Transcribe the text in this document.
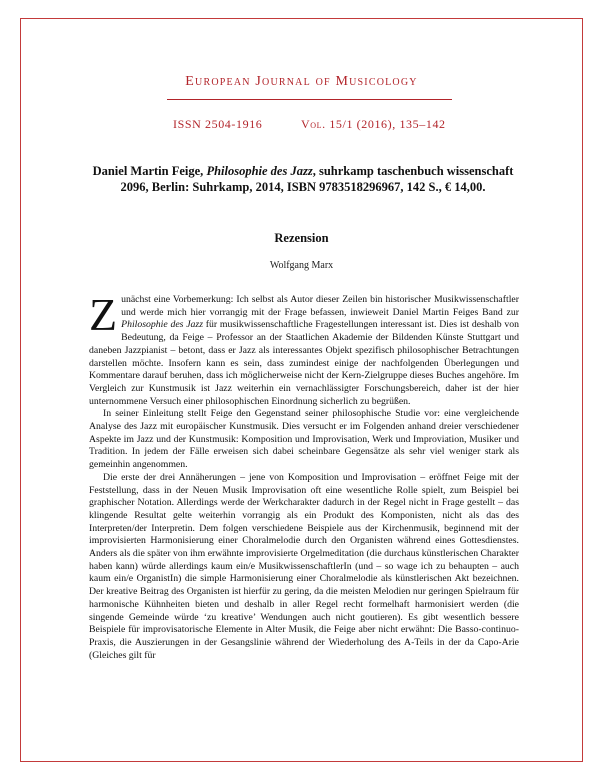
European Journal of Musicology
ISSN 2504-1916	Vol. 15/1 (2016), 135–142
Daniel Martin Feige, Philosophie des Jazz, suhrkamp taschenbuch wissenschaft 2096, Berlin: Suhrkamp, 2014, ISBN 9783518296967, 142 S., € 14,00.
Rezension
Wolfgang Marx

Zunächst eine Vorbemerkung: Ich selbst als Autor dieser Zeilen bin historischer Musikwissenschaftler und werde mich hier vorrangig mit der Frage befassen, inwieweit Daniel Martin Feiges Band zur Philosophie des Jazz für musikwissenschaftliche Fragestellungen interessant ist. Dies ist deshalb von Bedeutung, da Feige – Professor an der Staatlichen Akademie der Bildenden Künste Stuttgart und daneben Jazzpianist – betont, dass er Jazz als interessantes Objekt spezifisch philosophischer Betrachtungen darstellen möchte. Insofern kann es sein, dass zumindest einige der nachfolgenden Überlegungen und Kommentare darauf beruhen, dass ich möglicherweise nicht der Kern-Zielgruppe dieses Buches angehöre. Im Vergleich zur Kunstmusik ist Jazz weiterhin ein vernachlässigter Forschungsbereich, daher ist der hier unternommene Versuch einer philosophischen Einordnung sicherlich zu begrüßen.

In seiner Einleitung stellt Feige den Gegenstand seiner philosophische Studie vor: eine vergleichende Analyse des Jazz mit europäischer Kunstmusik. Dies versucht er im Folgenden anhand dreier verschiedener Aspekte im Jazz und der Kunstmusik: Komposition und Improvisation, Werk und Improviation, Musiker und Tradition. In jedem der Fälle erweisen sich dabei scheinbare Gegensätze als sehr viel weniger stark als gemeinhin angenommen.

Die erste der drei Annäherungen – jene von Komposition und Improvisation – eröffnet Feige mit der Feststellung, dass in der Neuen Musik Improvisation oft eine wesentliche Rolle spielt, zum Beispiel bei graphischer Notation. Allerdings werde der Werkcharakter dadurch in der Regel nicht in Frage gestellt – das klingende Resultat gelte weiterhin vorrangig als ein Produkt des Komponisten, nicht als das des Interpreten/der Interpretin. Dem folgen verschiedene Beispiele aus der Kirchenmusik, beginnend mit der improvisierten Harmonisierung einer Choralmelodie durch den Organisten während eines Gottesdienstes. Anders als die später von ihm erwähnte improvisierte Orgelmeditation (die durchaus künstlerischen Charakter haben kann) würde allerdings kaum ein/e MusikwissenschaftlerIn (und – so wage ich zu behaupten – auch kaum ein/e OrganistIn) die simple Harmonisierung einer Choralmelodie als künstlerischen Akt bezeichnen. Der kreative Beitrag des Organisten ist hierfür zu gering, da die meisten Melodien nur geringen Spielraum für harmonische Kühnheiten bieten und deshalb in aller Regel recht formelhaft harmonisiert werden (die singende Gemeinde würde ‘zu kreative’ Wendungen auch nicht goutieren). Es gibt wesentlich bessere Beispiele für improvisatorische Elemente in Alter Musik, die Feige aber nicht erwähnt: Die Basso-continuo-Praxis, die Auszierungen in der Gesangslinie während der Wiederholung des A-Teils in der da Capo-Arie (Gleiches gilt für
